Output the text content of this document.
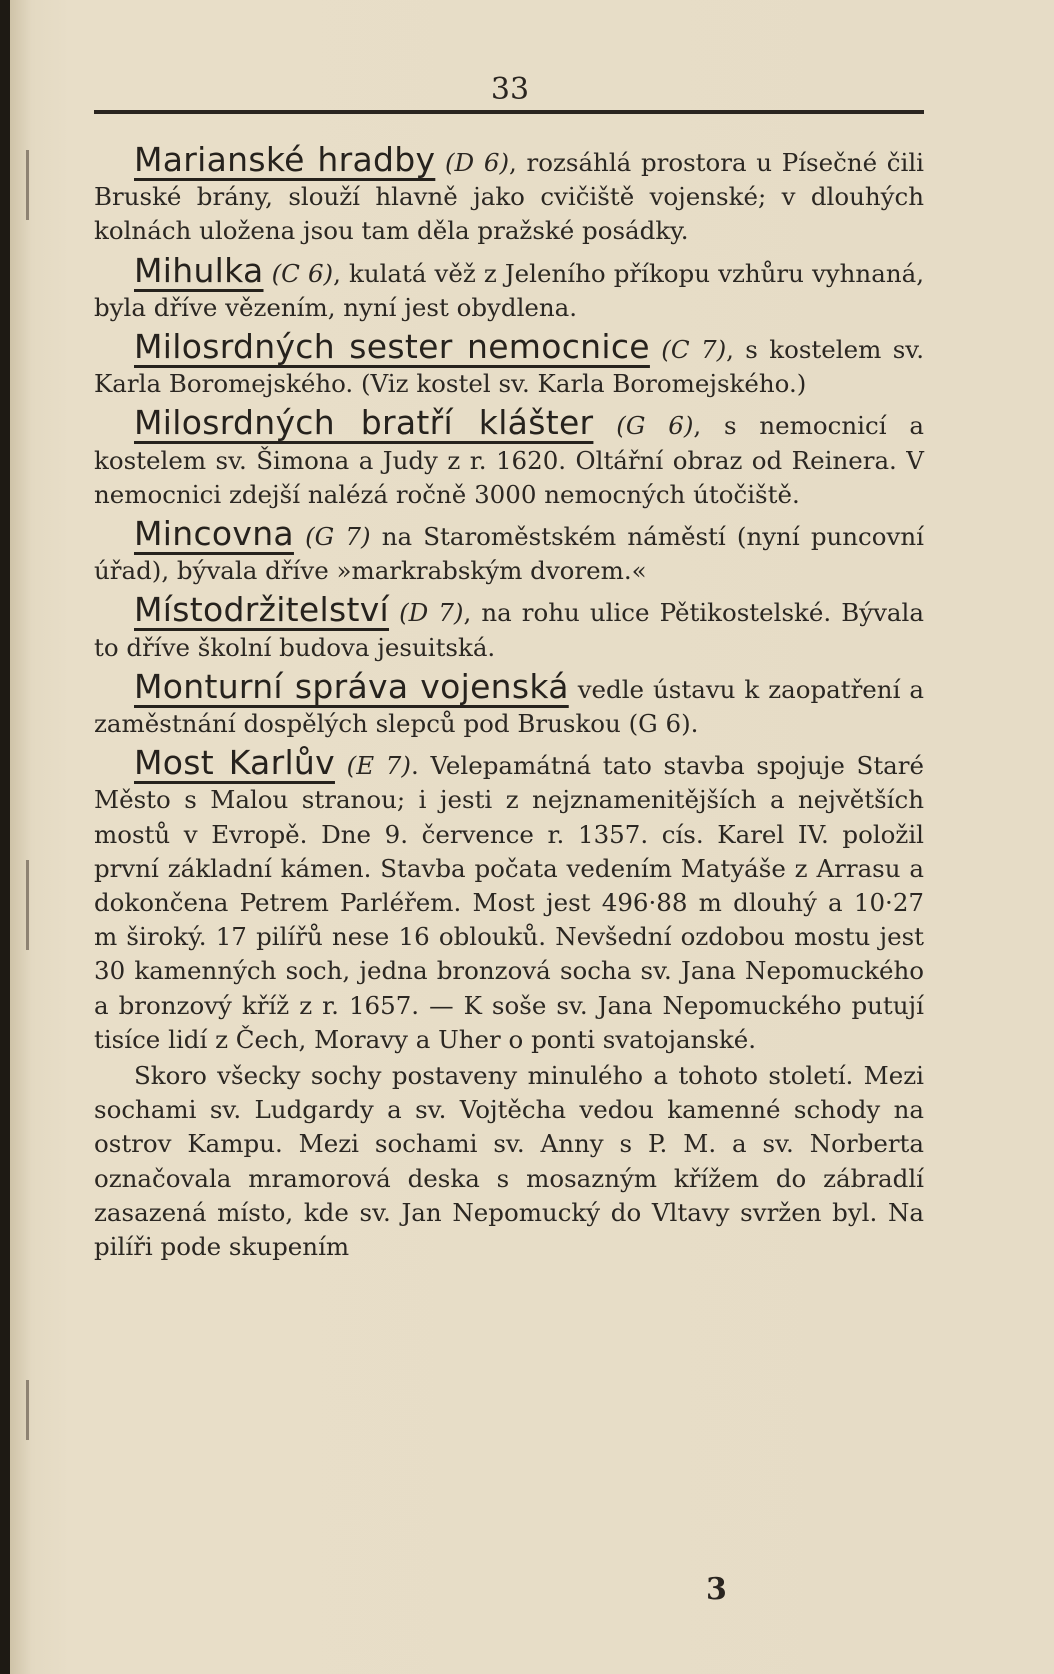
33
Marianské hradby (D 6), rozsáhlá prostora u Písečné čili Bruské brány, slouží hlavně jako cvičiště vojenské; v dlouhých kolnách uložena jsou tam děla pražské posádky.
Mihulka (C 6), kulatá věž z Jeleního příkopu vzhůru vyhnaná, byla dříve vězením, nyní jest obydlena.
Milosrdných sester nemocnice (C 7), s kostelem sv. Karla Boromejského. (Viz kostel sv. Karla Boromejského.)
Milosrdných bratří klášter (G 6), s nemocnicí a kostelem sv. Šimona a Judy z r. 1620. Oltářní obraz od Reinera. V nemocnici zdejší nalézá ročně 3000 nemocných útočiště.
Mincovna (G 7) na Staroměstském náměstí (nyní puncovní úřad), bývala dříve »markrabským dvorem.«
Místodržitelství (D 7), na rohu ulice Pětikostelské. Bývala to dříve školní budova jesuitská.
Monturní správa vojenská vedle ústavu k zaopatření a zaměstnání dospělých slepců pod Bruskou (G 6).
Most Karlův (E 7). Velepamátná tato stavba spojuje Staré Město s Malou stranou; i jesti z nejznamenitějších a největších mostů v Evropě. Dne 9. července r. 1357. cís. Karel IV. položil první základní kámen. Stavba počata vedením Matyáše z Arrasu a dokončena Petrem Parléřem. Most jest 496·88 m dlouhý a 10·27 m široký. 17 pilířů nese 16 oblouků. Nevšední ozdobou mostu jest 30 kamenných soch, jedna bronzová socha sv. Jana Nepomuckého a bronzový kříž z r. 1657. — K soše sv. Jana Nepomuckého putují tisíce lidí z Čech, Moravy a Uher o ponti svatojanské.
Skoro všecky sochy postaveny minulého a tohoto století. Mezi sochami sv. Ludgardy a sv. Vojtěcha vedou kamenné schody na ostrov Kampu. Mezi sochami sv. Anny s P. M. a sv. Norberta označovala mramorová deska s mosazným křížem do zábradlí zasazená místo, kde sv. Jan Nepomucký do Vltavy svržen byl. Na pilíři pode skupením
3
